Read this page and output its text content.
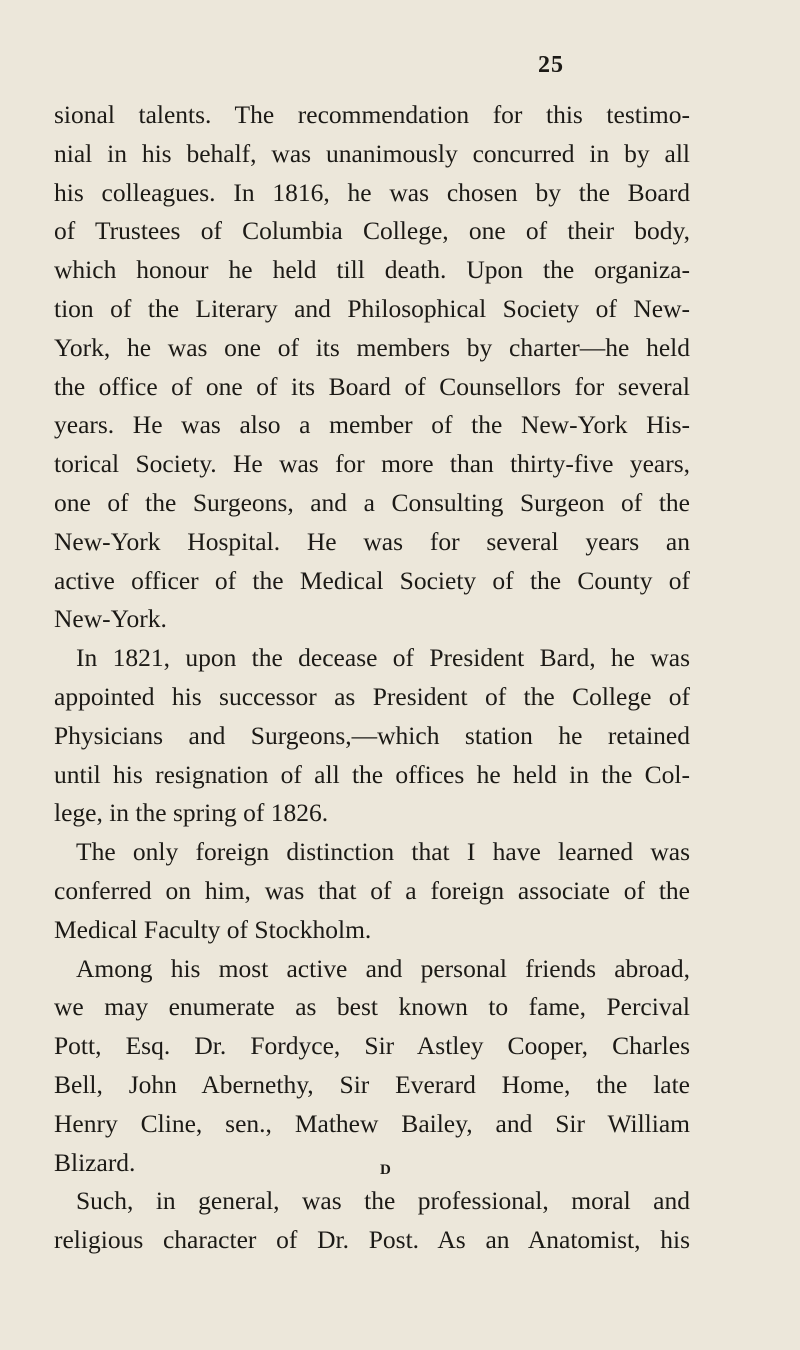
25
sional talents. The recommendation for this testimo-
nial in his behalf, was unanimously concurred in by all
his colleagues. In 1816, he was chosen by the Board
of Trustees of Columbia College, one of their body,
which honour he held till death. Upon the organiza-
tion of the Literary and Philosophical Society of New-
York, he was one of its members by charter—he held
the office of one of its Board of Counsellors for several
years. He was also a member of the New-York His-
torical Society. He was for more than thirty-five years,
one of the Surgeons, and a Consulting Surgeon of the
New-York Hospital. He was for several years an
active officer of the Medical Society of the County of
New-York.
In 1821, upon the decease of President Bard, he was
appointed his successor as President of the College of
Physicians and Surgeons,—which station he retained
until his resignation of all the offices he held in the Col-
lege, in the spring of 1826.
The only foreign distinction that I have learned was
conferred on him, was that of a foreign associate of the
Medical Faculty of Stockholm.
Among his most active and personal friends abroad,
we may enumerate as best known to fame, Percival
Pott, Esq. Dr. Fordyce, Sir Astley Cooper, Charles
Bell, John Abernethy, Sir Everard Home, the late
Henry Cline, sen., Mathew Bailey, and Sir William
Blizard.
Such, in general, was the professional, moral and
religious character of Dr. Post. As an Anatomist, his
D
